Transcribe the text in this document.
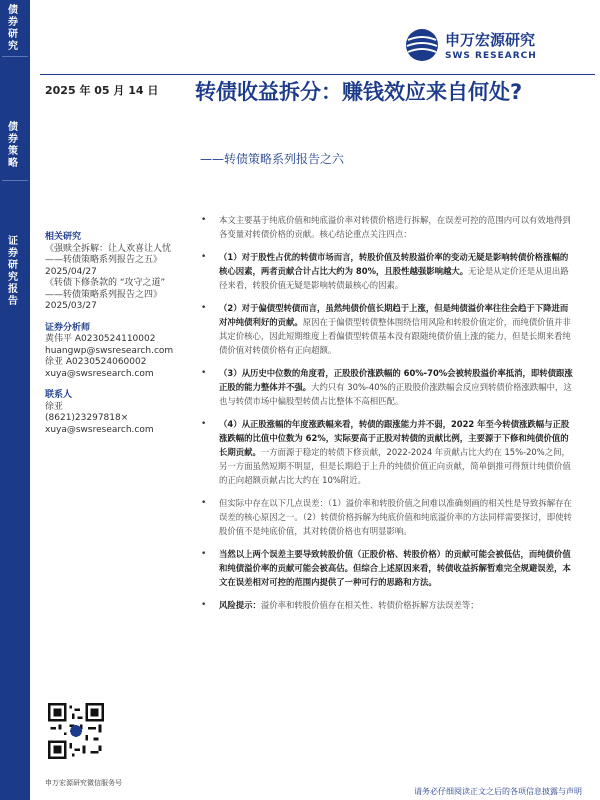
债券研究
债券策略
证券研究报告
申万宏源研究
SWS RESEARCH
2025 年 05 月 14 日 转债收益拆分：赚钱效应来自何处?
——转债策略系列报告之六
相关研究
《强赎全拆解：让人欢喜让人忧——转债策略系列报告之五》2025/04/27
《转债下修条款的 “攻守之道” ——转债策略系列报告之四》2025/03/27
证券分析师
黄伟平 A0230524110002
huangwp@swsresearch.com
徐亚 A0230524060002
xuya@swsresearch.com
联系人
徐亚
(8621)23297818×
xuya@swsresearch.com
• 本文主要基于纯底价值和纯底溢价率对转债价格进行拆解，在误差可控的范围内可以有效地得到各变量对转债价格的贡献。核心结论重点关注四点：
• （1）对于股性占优的转债市场而言，转股价值及转股溢价率的变动无疑是影响转债价格涨幅的核心因素，两者贡献合计占比大约为 80%，且股性越强影响越大。无论是从定价还是从退出路径来看，转股价值无疑是影响转债最核心的因素。
• （2）对于偏债型转债而言，虽然纯债价值长期趋于上涨，但是纯债溢价率往往会趋于下降进而对冲纯债利好的贡献。原因在于偏债型转债整体围绕信用风险和转股价值定价，而纯债价值并非其定价核心，因此短期维度上看偏债型转债基本没有跟随纯债价值上涨的能力，但是长期来看纯债价值对转债价格有正向超额。
• （3）从历史中位数的角度看，正股股价涨跌幅的 60%-70%会被转股溢价率抵消，即转债跟涨正股的能力整体并不强。大约只有 30%-40%的正股股价涨跌幅会反应到转债价格涨跌幅中，这也与转债市场中偏股型转债占比整体不高相匹配。
• （4）从正股涨幅的年度涨跌幅来看，转债的跟涨能力并不弱，2022 年至今转债涨跌幅与正股涨跌幅的比值中位数为 62%，实际要高于正股对转债的贡献比例，主要源于下修和纯债价值的长期贡献。一方面源于稳定的转债下修贡献，2022-2024 年贡献占比大约在 15%-20%之间，另一方面虽然短期不明显，但是长期趋于上升的纯债价值正向贡献，简单倒推可得预计纯债价值的正向超额贡献占比大约在 10%附近。
• 但实际中存在以下几点误差：（1）溢价率和转股价值之间难以准确刻画的相关性是导致拆解存在误差的核心原因之一。（2）转债价格拆解为纯底价值和纯底溢价率的方法同样需要探讨，即使转股价值不是纯底价值，其对转债价格也有明显影响。
• 当然以上两个误差主要导致转股价值（正股价格、转股价格）的贡献可能会被低估，而纯债价值和纯债溢价率的贡献可能会被高估。但综合上述原因来看，转债收益拆解暂难完全规避误差，本文在误差相对可控的范围内提供了一种可行的思路和方法。
• 风险提示：溢价率和转股价值存在相关性、转债价格拆解方法误差等；
申万宏源研究微信服务号
请务必仔细阅读正文之后的各项信息披露与声明
